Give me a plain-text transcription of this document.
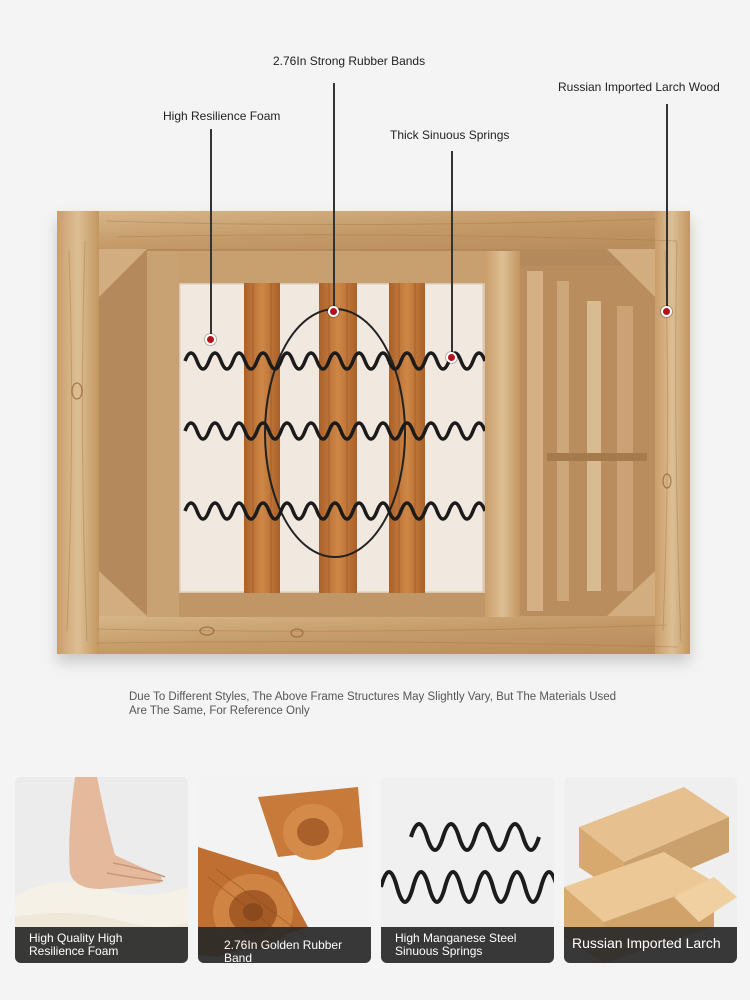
2.76In Strong Rubber Bands
Russian Imported Larch Wood
High Resilience Foam
Thick Sinuous Springs
Due To Different Styles, The Above Frame Structures May Slightly Vary, But The Materials Used Are The Same, For Reference Only
High Quality High Resilience Foam	2.76In Golden Rubber Band
High Manganese Steel Sinuous Springs	Russian Imported Larch
